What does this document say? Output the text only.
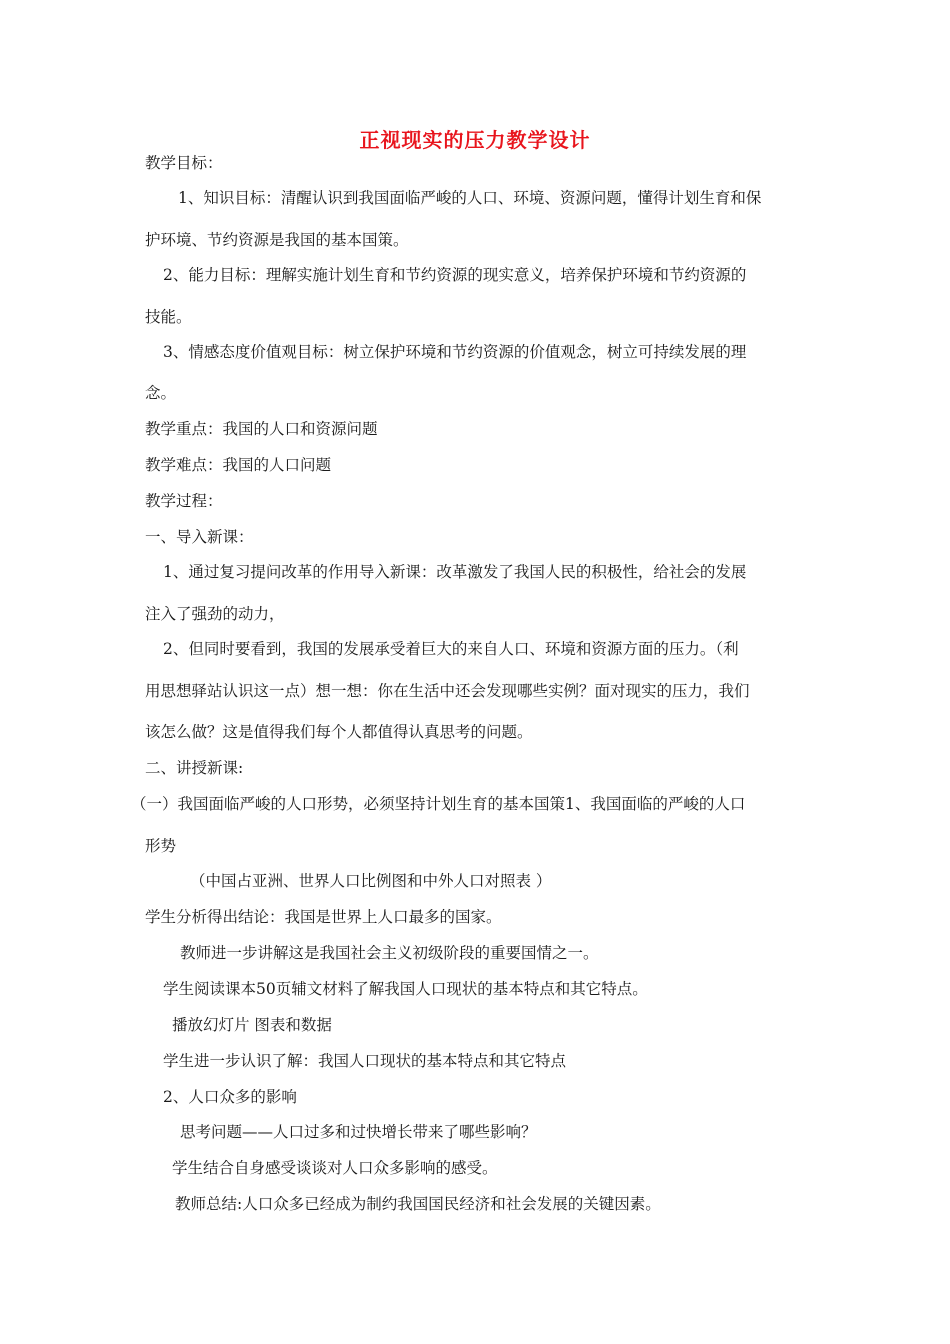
正视现实的压力教学设计
教学目标：
1、知识目标：清醒认识到我国面临严峻的人口、环境、资源问题，懂得计划生育和保
护环境、节约资源是我国的基本国策。
2、能力目标：理解实施计划生育和节约资源的现实意义，培养保护环境和节约资源的
技能。
3、情感态度价值观目标：树立保护环境和节约资源的价值观念，树立可持续发展的理
念。
教学重点：我国的人口和资源问题
教学难点：我国的人口问题
教学过程：
一、导入新课：
1、通过复习提问改革的作用导入新课：改革激发了我国人民的积极性，给社会的发展
注入了强劲的动力，
2、但同时要看到，我国的发展承受着巨大的来自人口、环境和资源方面的压力。（利
用思想驿站认识这一点）想一想：你在生活中还会发现哪些实例？面对现实的压力，我们
该怎么做？这是值得我们每个人都值得认真思考的问题。
二、讲授新课:
（一）我国面临严峻的人口形势，必须坚持计划生育的基本国策1、我国面临的严峻的人口
形势
（中国占亚洲、世界人口比例图和中外人口对照表 ）
学生分析得出结论：我国是世界上人口最多的国家。
教师进一步讲解这是我国社会主义初级阶段的重要国情之一。
学生阅读课本50页辅文材料了解我国人口现状的基本特点和其它特点。
播放幻灯片 图表和数据
学生进一步认识了解：我国人口现状的基本特点和其它特点
2、人口众多的影响
思考问题——人口过多和过快增长带来了哪些影响？
学生结合自身感受谈谈对人口众多影响的感受。
教师总结:人口众多已经成为制约我国国民经济和社会发展的关键因素。
